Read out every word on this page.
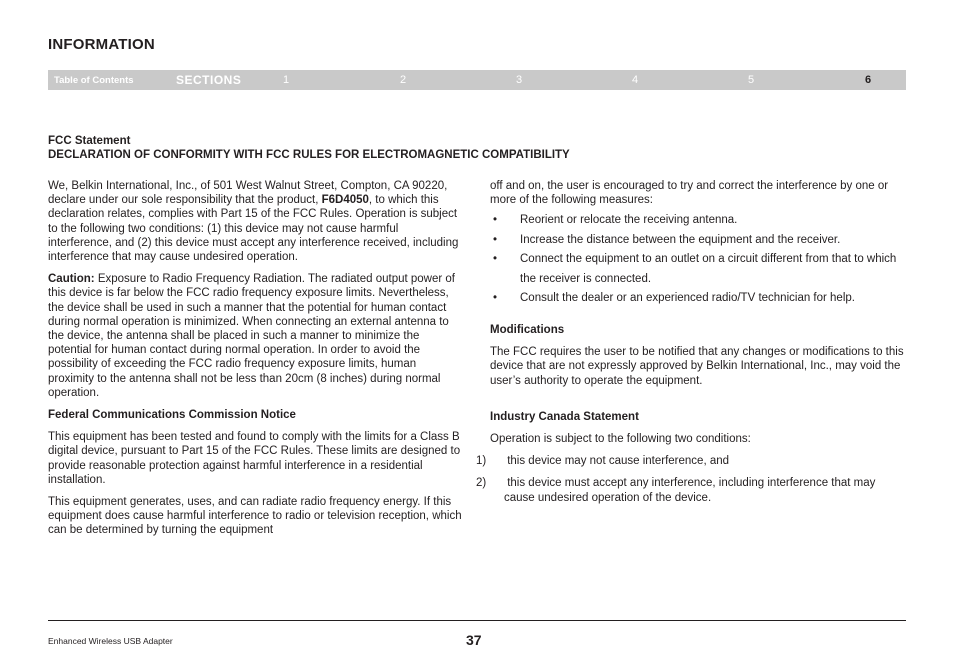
INFORMATION
Table of Contents	SECTIONS	1	2	3	4	5	6
FCC Statement
DECLARATION OF CONFORMITY WITH FCC RULES FOR ELECTROMAGNETIC COMPATIBILITY

We, Belkin International, Inc., of 501 West Walnut Street, Compton, CA 90220, declare under our sole responsibility that the product, F6D4050, to which this declaration relates, complies with Part 15 of the FCC Rules. Operation is subject to the following two conditions: (1) this device may not cause harmful interference, and (2) this device must accept any interference received, including interference that may cause undesired operation.

Caution: Exposure to Radio Frequency Radiation. The radiated output power of this device is far below the FCC radio frequency exposure limits. Nevertheless, the device shall be used in such a manner that the potential for human contact during normal operation is minimized. When connecting an external antenna to the device, the antenna shall be placed in such a manner to minimize the potential for human contact during normal operation. In order to avoid the possibility of exceeding the FCC radio frequency exposure limits, human proximity to the antenna shall not be less than 20cm (8 inches) during normal operation.

Federal Communications Commission Notice

This equipment has been tested and found to comply with the limits for a Class B digital device, pursuant to Part 15 of the FCC Rules. These limits are designed to provide reasonable protection against harmful interference in a residential installation.

This equipment generates, uses, and can radiate radio frequency energy. If this equipment does cause harmful interference to radio or television reception, which can be determined by turning the equipment

off and on, the user is encouraged to try and correct the interference by one or more of the following measures:
• Reorient or relocate the receiving antenna.
• Increase the distance between the equipment and the receiver.
• Connect the equipment to an outlet on a circuit different from that to which the receiver is connected.
• Consult the dealer or an experienced radio/TV technician for help.
Modifications

The FCC requires the user to be notified that any changes or modifications to this device that are not expressly approved by Belkin International, Inc., may void the user’s authority to operate the equipment.

Industry Canada Statement

Operation is subject to the following two conditions:

1) this device may not cause interference, and
2) this device must accept any interference, including interference that may cause undesired operation of the device.
Enhanced Wireless USB Adapter	37
